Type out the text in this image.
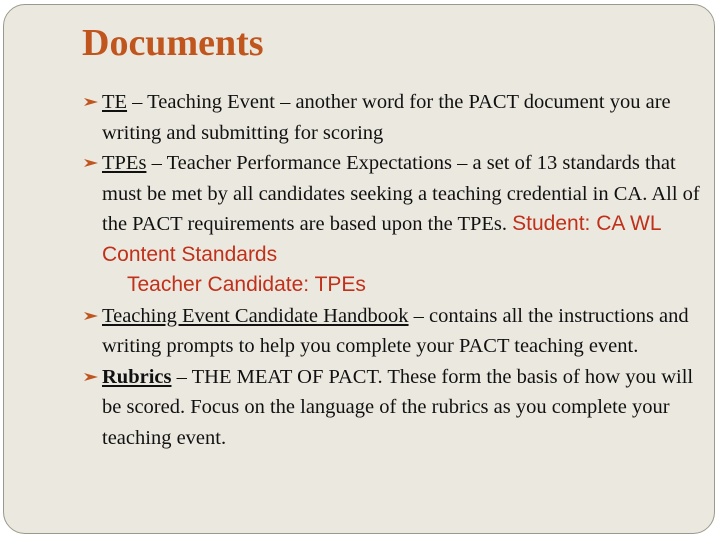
Documents
TE – Teaching Event – another word for the PACT document you are writing and submitting for scoring
TPEs – Teacher Performance Expectations – a set of 13 standards that must be met by all candidates seeking a teaching credential in CA. All of the PACT requirements are based upon the TPEs. Student: CA WL Content Standards
Teacher Candidate: TPEs
Teaching Event Candidate Handbook – contains all the instructions and writing prompts to help you complete your PACT teaching event.
Rubrics – THE MEAT OF PACT. These form the basis of how you will be scored. Focus on the language of the rubrics as you complete your teaching event.
